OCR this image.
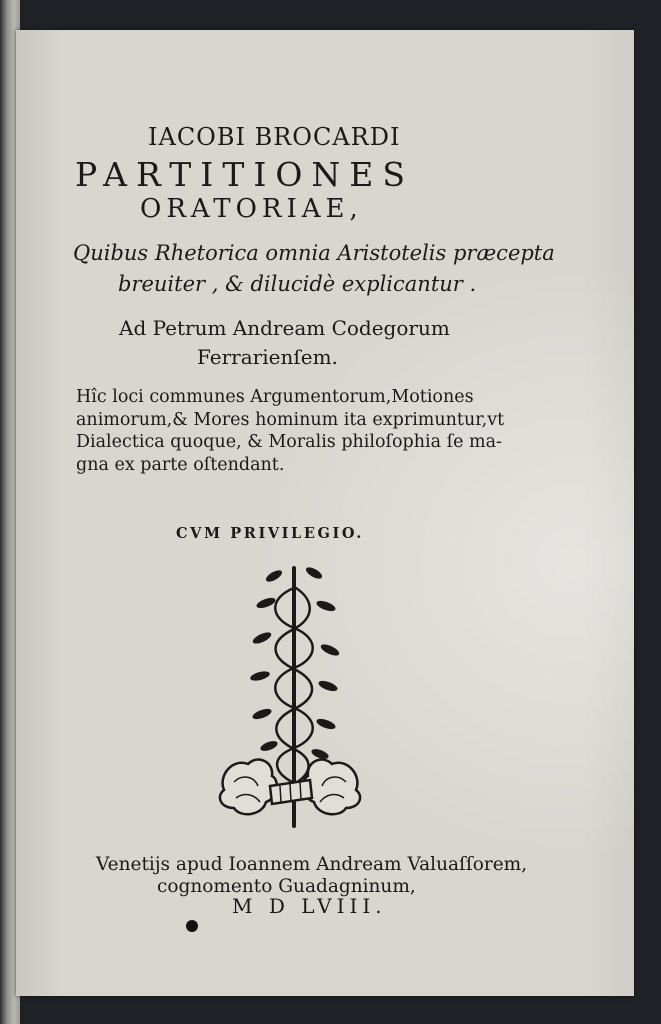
IACOBI BROCARDI
PARTITIONES
ORATORIAE,
Quibus Rhetorica omnia Aristotelis præcepta
breuiter , & dilucidè explicantur .
Ad Petrum Andream Codegorum
Ferrarienſem.
Hîc loci communes Argumentorum,Motiones
animorum,& Mores hominum ita exprimuntur,vt
Dialectica quoque, & Moralis philoſophia ſe ma-
gna ex parte oſtendant.
CVM PRIVILEGIO.
Venetijs apud Ioannem Andream Valuaſſorem,
cognomento Guadagninum,
M D LVIII.
